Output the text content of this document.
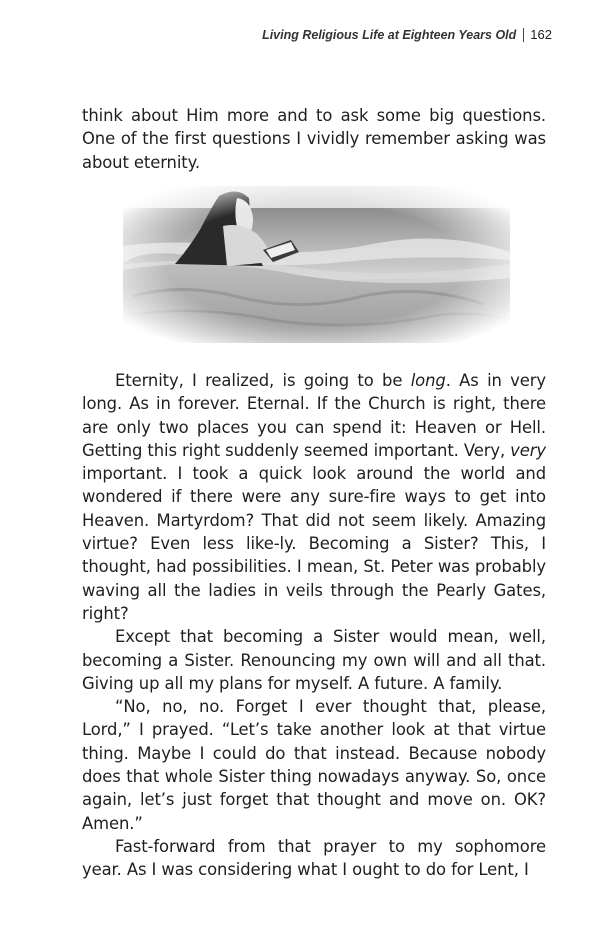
Living Religious Life at Eighteen Years Old 162

think about Him more and to ask some big questions. One of the first questions I vividly remember asking was about eternity.

Eternity, I realized, is going to be long. As in very long. As in forever. Eternal. If the Church is right, there are only two places you can spend it: Heaven or Hell. Getting this right suddenly seemed important. Very, very important. I took a quick look around the world and wondered if there were any sure-fire ways to get into Heaven. Martyrdom? That did not seem likely. Amazing virtue? Even less like-ly. Becoming a Sister? This, I thought, had possibilities. I mean, St. Peter was probably waving all the ladies in veils through the Pearly Gates, right?

Except that becoming a Sister would mean, well, becoming a Sister. Renouncing my own will and all that. Giving up all my plans for myself. A future. A family.

“No, no, no. Forget I ever thought that, please, Lord,” I prayed. “Let’s take another look at that virtue thing. Maybe I could do that instead. Because nobody does that whole Sister thing nowadays anyway. So, once again, let’s just forget that thought and move on. OK? Amen.”

Fast-forward from that prayer to my sophomore year. As I was considering what I ought to do for Lent, I
